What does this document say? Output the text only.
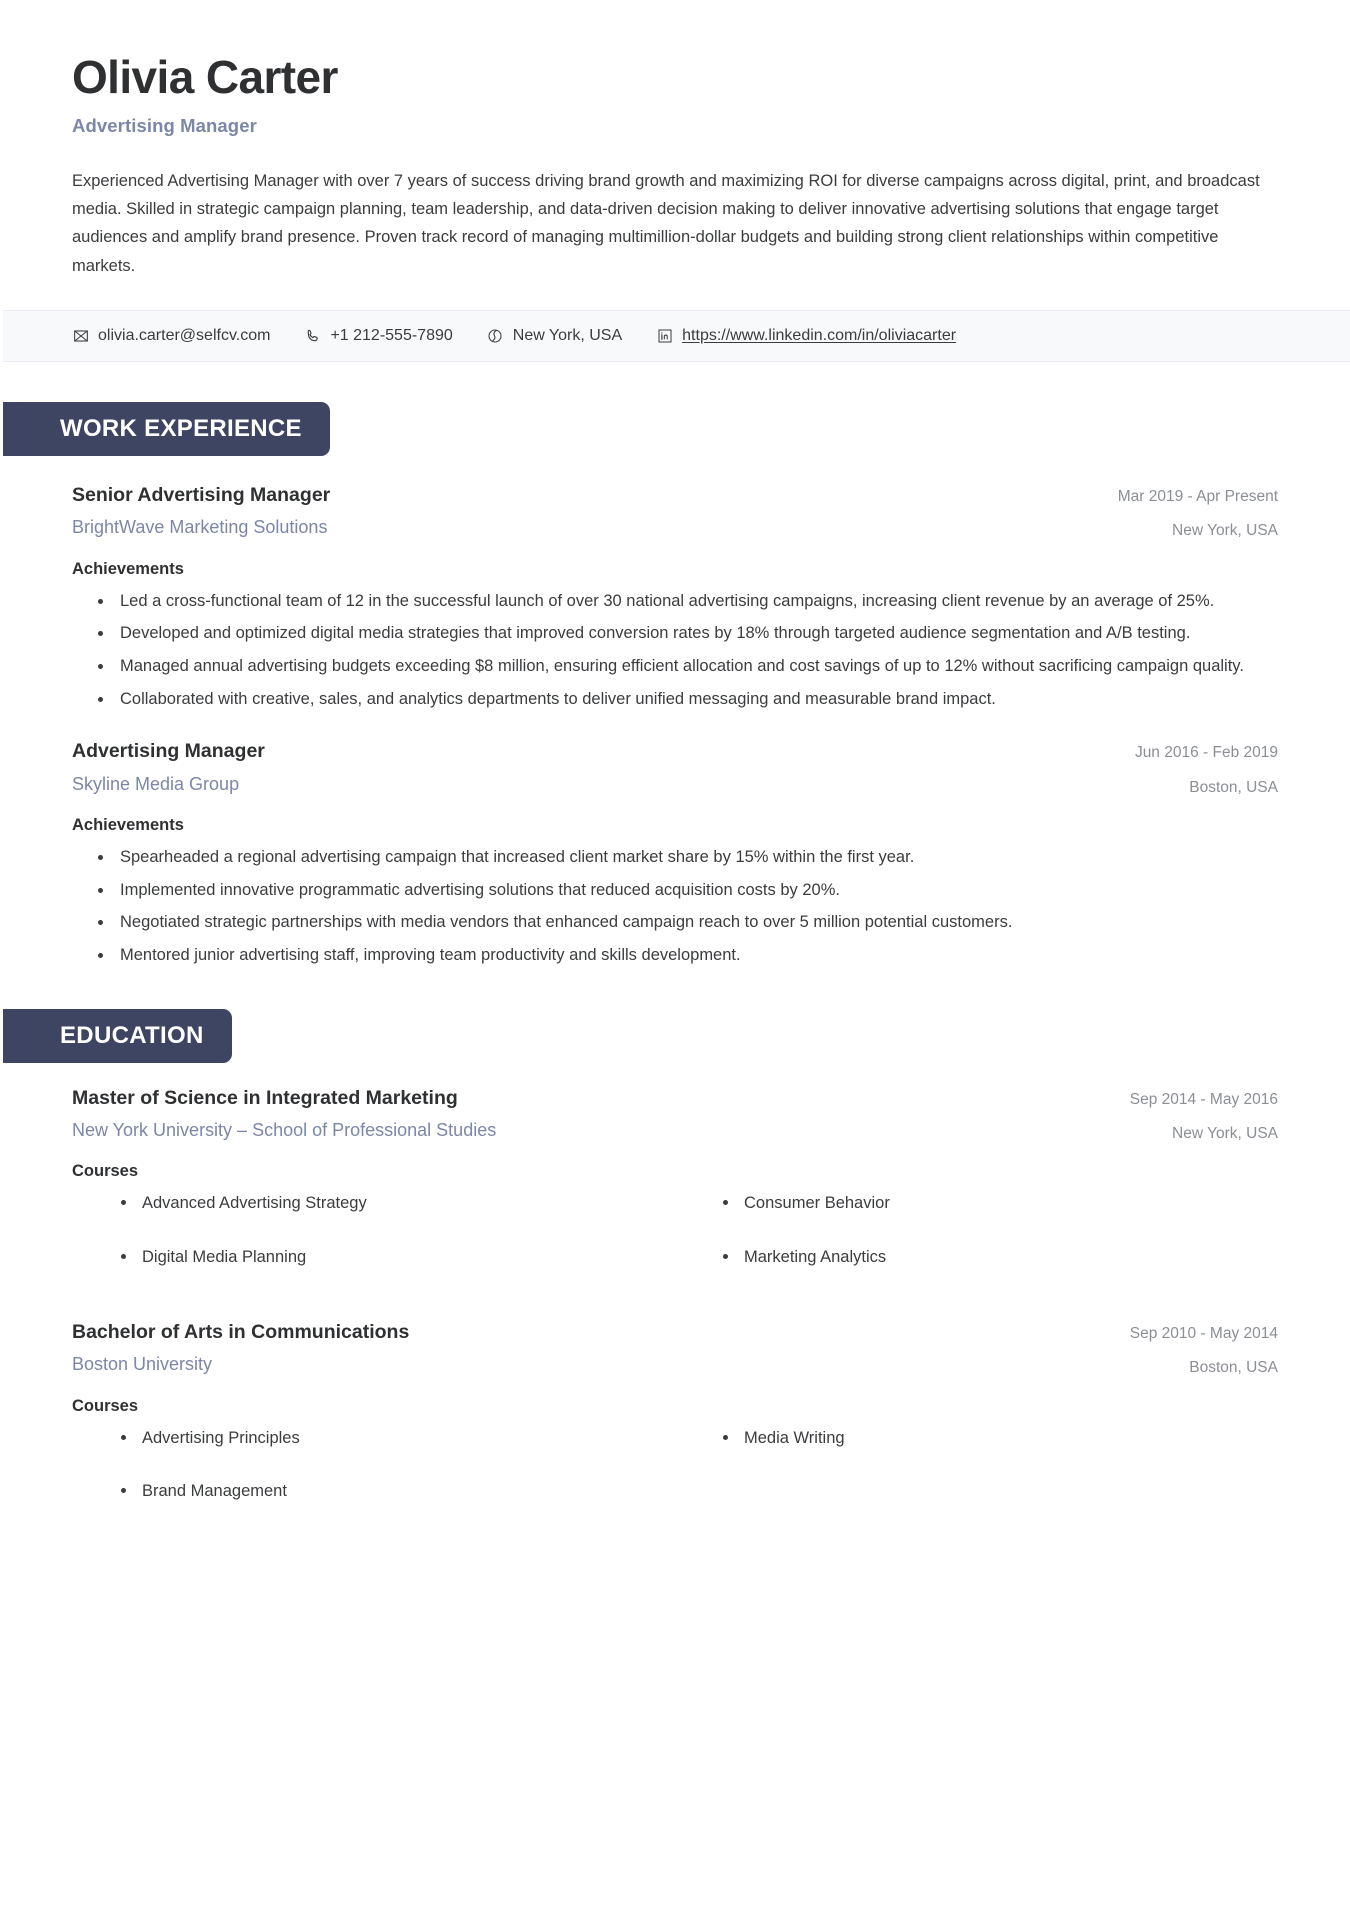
Olivia Carter
Advertising Manager
Experienced Advertising Manager with over 7 years of success driving brand growth and maximizing ROI for diverse campaigns across digital, print, and broadcast media. Skilled in strategic campaign planning, team leadership, and data-driven decision making to deliver innovative advertising solutions that engage target audiences and amplify brand presence. Proven track record of managing multimillion-dollar budgets and building strong client relationships within competitive markets.
olivia.carter@selfcv.com	+1 212-555-7890	New York, USA	https://www.linkedin.com/in/oliviacarter
WORK EXPERIENCE
Senior Advertising Manager
BrightWave Marketing Solutions
Mar 2019 - Apr Present
New York, USA
Achievements
• Led a cross-functional team of 12 in the successful launch of over 30 national advertising campaigns, increasing client revenue by an average of 25%.
• Developed and optimized digital media strategies that improved conversion rates by 18% through targeted audience segmentation and A/B testing.
• Managed annual advertising budgets exceeding $8 million, ensuring efficient allocation and cost savings of up to 12% without sacrificing campaign quality.
• Collaborated with creative, sales, and analytics departments to deliver unified messaging and measurable brand impact.
Advertising Manager
Skyline Media Group
Jun 2016 - Feb 2019
Boston, USA
Achievements
• Spearheaded a regional advertising campaign that increased client market share by 15% within the first year.
• Implemented innovative programmatic advertising solutions that reduced acquisition costs by 20%.
• Negotiated strategic partnerships with media vendors that enhanced campaign reach to over 5 million potential customers.
• Mentored junior advertising staff, improving team productivity and skills development.
EDUCATION
Master of Science in Integrated Marketing
New York University – School of Professional Studies
Sep 2014 - May 2016
New York, USA
Courses
Advanced Advertising Strategy	Consumer Behavior
Digital Media Planning	Marketing Analytics
Bachelor of Arts in Communications
Boston University
Sep 2010 - May 2014
Boston, USA
Courses
Advertising Principles	Media Writing
Brand Management
